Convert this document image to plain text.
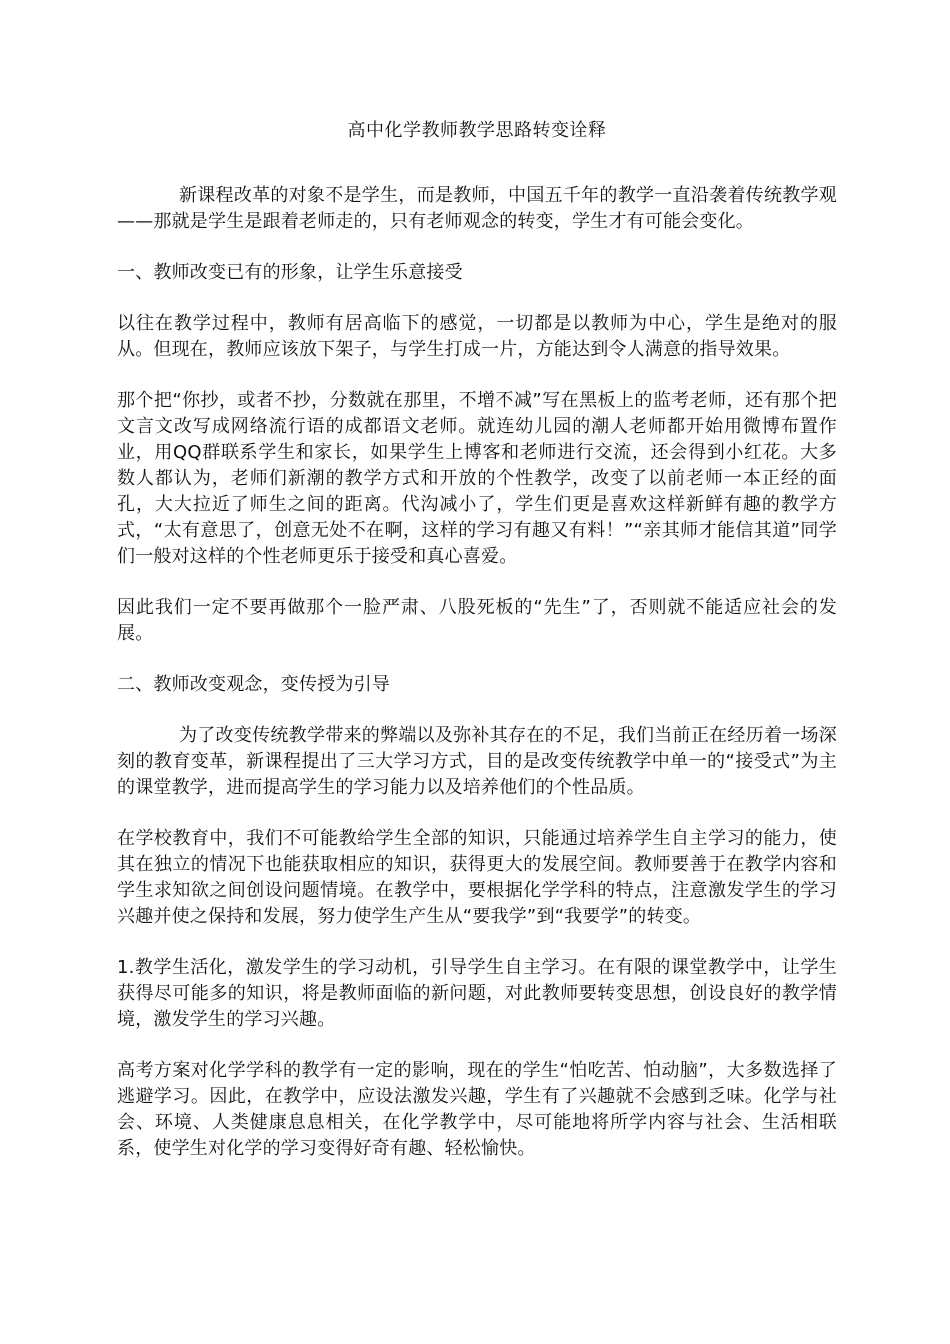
高中化学教师教学思路转变诠释

新课程改革的对象不是学生，而是教师，中国五千年的教学一直沿袭着传统教学观——那就是学生是跟着老师走的，只有老师观念的转变，学生才有可能会变化。

一、教师改变已有的形象，让学生乐意接受

以往在教学过程中，教师有居高临下的感觉，一切都是以教师为中心，学生是绝对的服从。但现在，教师应该放下架子，与学生打成一片，方能达到令人满意的指导效果。

那个把“你抄，或者不抄，分数就在那里，不增不减”写在黑板上的监考老师，还有那个把文言文改写成网络流行语的成都语文老师。就连幼儿园的潮人老师都开始用微博布置作业，用QQ群联系学生和家长，如果学生上博客和老师进行交流，还会得到小红花。大多数人都认为，老师们新潮的教学方式和开放的个性教学，改变了以前老师一本正经的面孔，大大拉近了师生之间的距离。代沟减小了，学生们更是喜欢这样新鲜有趣的教学方式，“太有意思了，创意无处不在啊，这样的学习有趣又有料！”“亲其师才能信其道”同学们一般对这样的个性老师更乐于接受和真心喜爱。

因此我们一定不要再做那个一脸严肃、八股死板的“先生”了，否则就不能适应社会的发展。

二、教师改变观念，变传授为引导

为了改变传统教学带来的弊端以及弥补其存在的不足，我们当前正在经历着一场深刻的教育变革，新课程提出了三大学习方式，目的是改变传统教学中单一的“接受式”为主的课堂教学，进而提高学生的学习能力以及培养他们的个性品质。

在学校教育中，我们不可能教给学生全部的知识，只能通过培养学生自主学习的能力，使其在独立的情况下也能获取相应的知识，获得更大的发展空间。教师要善于在教学内容和学生求知欲之间创设问题情境。在教学中，要根据化学学科的特点，注意激发学生的学习兴趣并使之保持和发展，努力使学生产生从“要我学”到“我要学”的转变。

1.教学生活化，激发学生的学习动机，引导学生自主学习。在有限的课堂教学中，让学生获得尽可能多的知识，将是教师面临的新问题，对此教师要转变思想，创设良好的教学情境，激发学生的学习兴趣。

高考方案对化学学科的教学有一定的影响，现在的学生“怕吃苦、怕动脑”，大多数选择了逃避学习。因此，在教学中，应设法激发兴趣，学生有了兴趣就不会感到乏味。化学与社会、环境、人类健康息息相关，在化学教学中，尽可能地将所学内容与社会、生活相联系，使学生对化学的学习变得好奇有趣、轻松愉快。
